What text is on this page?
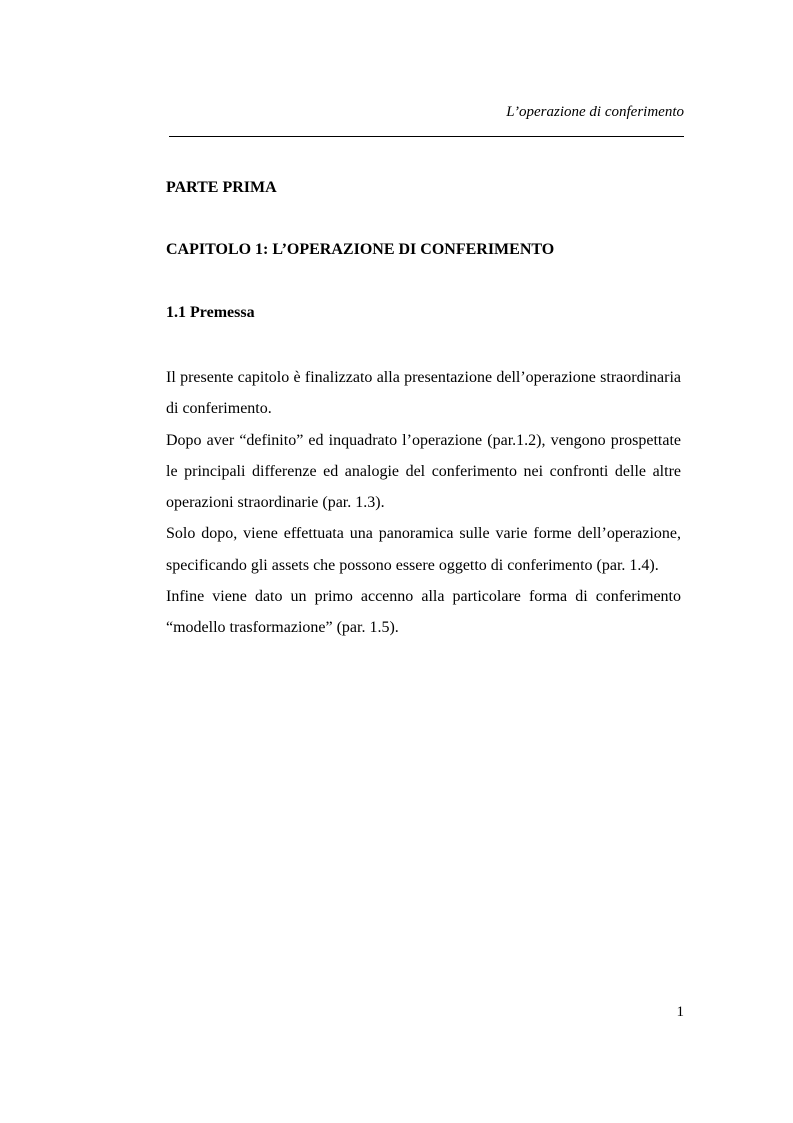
L’operazione di conferimento
PARTE PRIMA
CAPITOLO 1: L’OPERAZIONE DI CONFERIMENTO
1.1 Premessa

Il presente capitolo è finalizzato alla presentazione dell’operazione straordinaria di conferimento.

Dopo aver “definito” ed inquadrato l’operazione (par.1.2), vengono prospettate le principali differenze ed analogie del conferimento nei confronti delle altre operazioni straordinarie (par. 1.3).

Solo dopo, viene effettuata una panoramica sulle varie forme dell’operazione, specificando gli assets che possono essere oggetto di conferimento (par. 1.4).

Infine viene dato un primo accenno alla particolare forma di conferimento “modello trasformazione” (par. 1.5).

1
